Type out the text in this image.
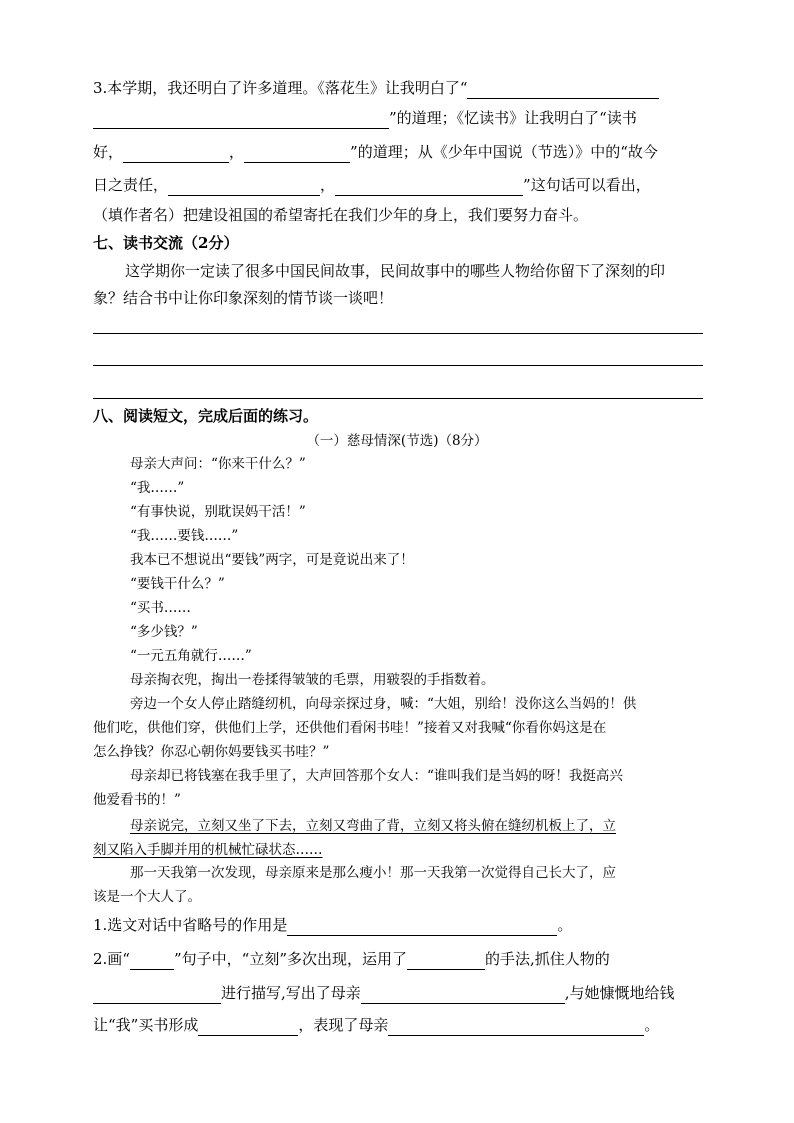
3.本学期，我还明白了许多道理。《落花生》让我明白了“
”的道理；《忆读书》让我明白了“读书
好，	，	”的道理；从《少年中国说（节选）》中的“故今
日之责任，	，	”这句话可以看出，
（填作者名）把建设祖国的希望寄托在我们少年的身上，我们要努力奋斗。
七、读书交流（2分）
这学期你一定读了很多中国民间故事，民间故事中的哪些人物给你留下了深刻的印
象？结合书中让你印象深刻的情节谈一谈吧！
八、阅读短文，完成后面的练习。
（一）慈母情深(节选)（8分）
母亲大声问：“你来干什么？”
“我……”
“有事快说，别耽误妈干活！”
“我……要钱……”
我本已不想说出“要钱”两字，可是竟说出来了！
“要钱干什么？”
“买书……
“多少钱？”
“一元五角就行……”
母亲掏衣兜，掏出一卷揉得皱皱的毛票，用皲裂的手指数着。
旁边一个女人停止踏缝纫机，向母亲探过身，喊：“大姐，别给！没你这么当妈的！供
他们吃，供他们穿，供他们上学，还供他们看闲书哇！”接着又对我喊“你看你妈这是在
怎么挣钱？你忍心朝你妈要钱买书哇？”
母亲却已将钱塞在我手里了，大声回答那个女人：“谁叫我们是当妈的呀！我挺高兴
他爱看书的！”
母亲说完，立刻又坐了下去，立刻又弯曲了背，立刻又将头俯在缝纫机板上了，立
刻又陷入手脚并用的机械忙碌状态……
那一天我第一次发现，母亲原来是那么瘦小！那一天我第一次觉得自己长大了，应
该是一个大人了。
1.选文对话中省略号的作用是	。
2.画“	”句子中，“立刻”多次出现，运用了	的手法,抓住人物的
进行描写,写出了母亲	,与她慷慨地给钱
让“我”买书形成	，表现了母亲	。
